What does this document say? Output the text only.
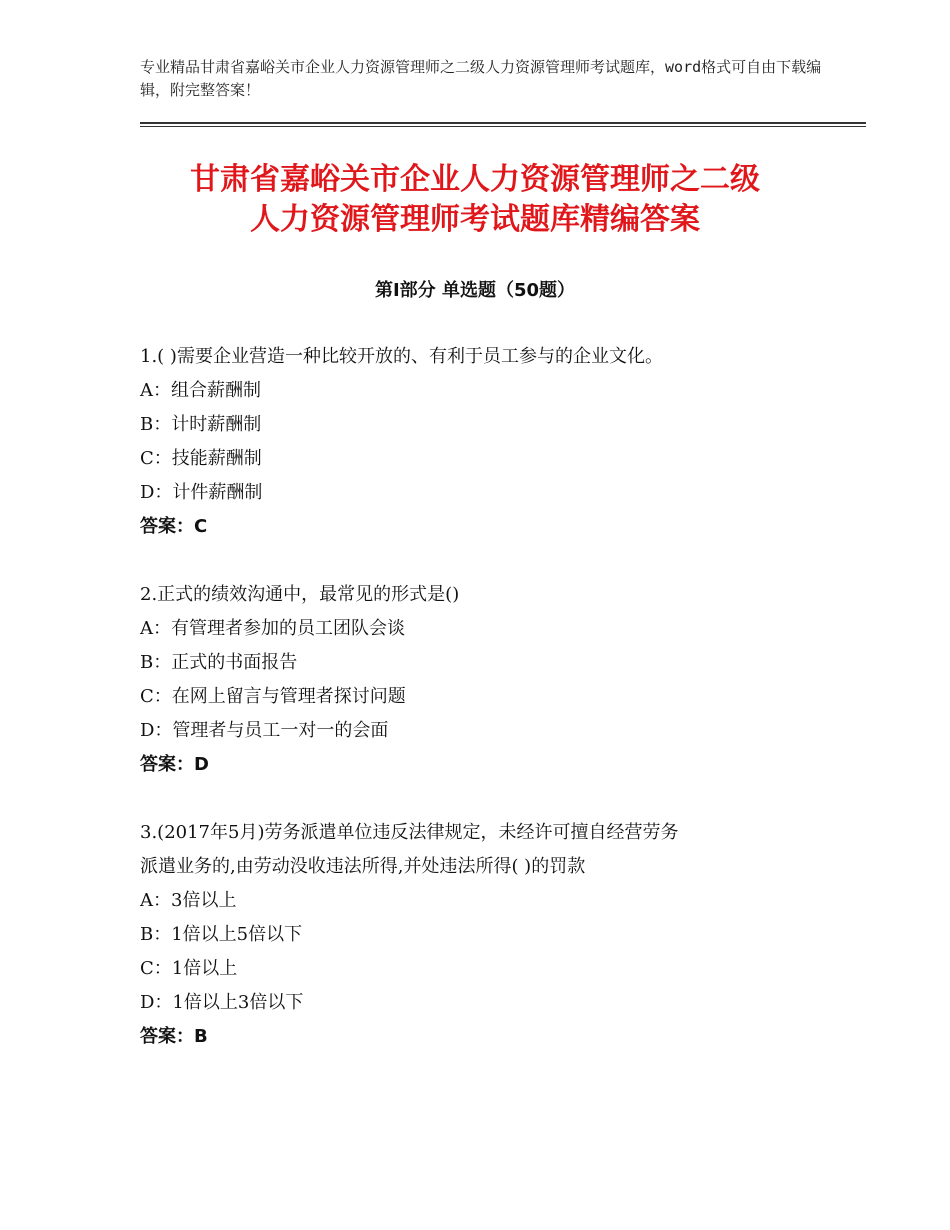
专业精品甘肃省嘉峪关市企业人力资源管理师之二级人力资源管理师考试题库，word格式可自由下载编辑，附完整答案！
甘肃省嘉峪关市企业人力资源管理师之二级
人力资源管理师考试题库精编答案
第Ⅰ部分 单选题（50题）
1.( )需要企业营造一种比较开放的、有利于员工参与的企业文化。
A：组合薪酬制
B：计时薪酬制
C：技能薪酬制
D：计件薪酬制
答案：C
2.正式的绩效沟通中，最常见的形式是()
A：有管理者参加的员工团队会谈
B：正式的书面报告
C：在网上留言与管理者探讨问题
D：管理者与员工一对一的会面
答案：D
3.(2017年5月)劳务派遣单位违反法律规定，未经许可擅自经营劳务
派遣业务的,由劳动没收违法所得,并处违法所得( )的罚款
A：3倍以上
B：1倍以上5倍以下
C：1倍以上
D：1倍以上3倍以下
答案：B
